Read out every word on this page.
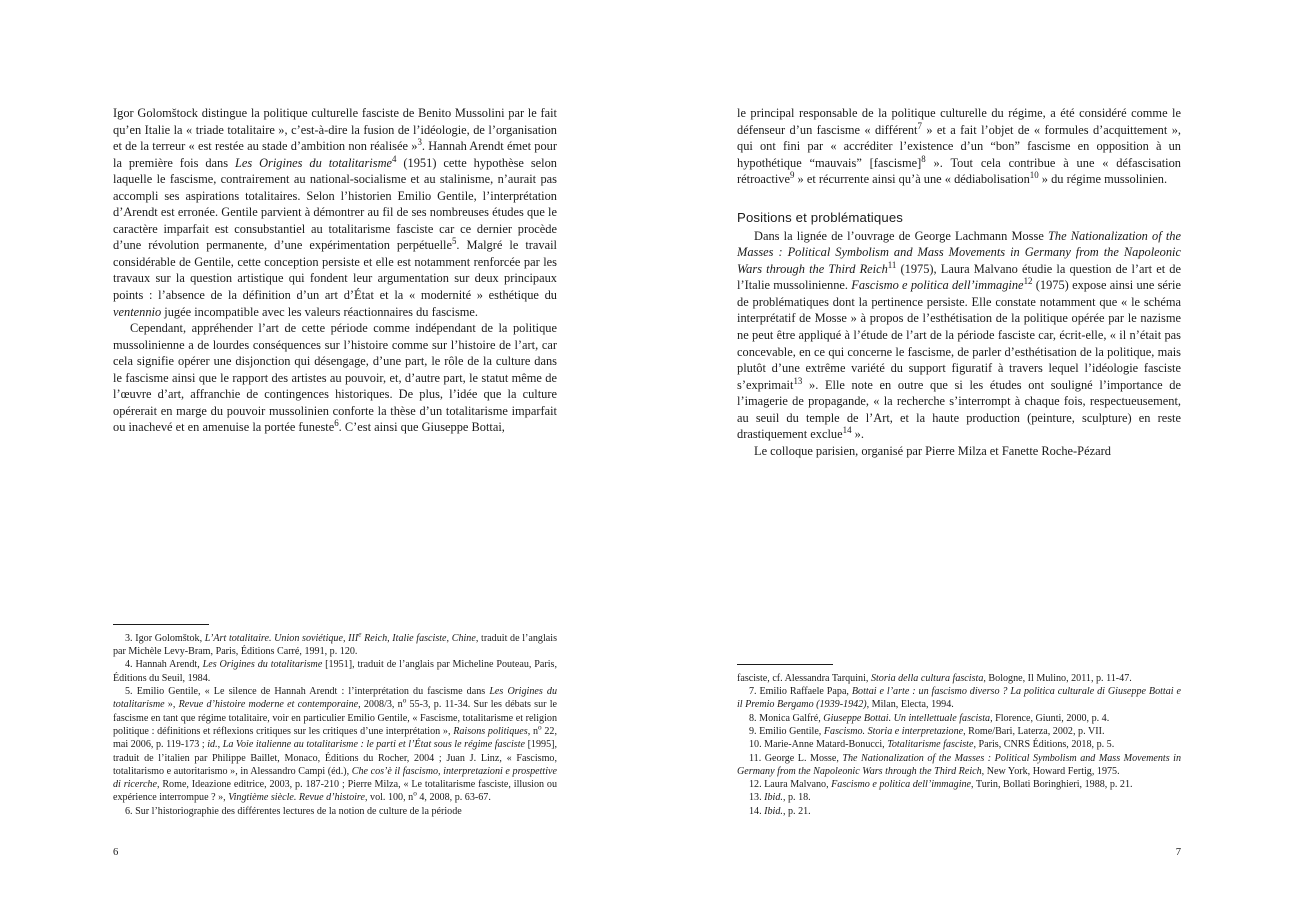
Igor Golomštock distingue la politique culturelle fasciste de Benito Mussolini par le fait qu’en Italie la « triade totalitaire », c’est-à-dire la fusion de l’idéologie, de l’organisation et de la terreur « est restée au stade d’ambition non réalisée »$^3$. Hannah Arendt émet pour la première fois dans Les Origines du totalitarisme$^4$ (1951) cette hypothèse selon laquelle le fascisme, contrairement au national-socialisme et au stalinisme, n’aurait pas accompli ses aspirations totalitaires. Selon l’historien Emilio Gentile, l’interprétation d’Arendt est erronée. Gentile parvient à démontrer au fil de ses nombreuses études que le caractère imparfait est consubstantiel au totalitarisme fasciste car ce dernier procède d’une révolution permanente, d’une expérimentation perpétuelle$^5$. Malgré le travail considérable de Gentile, cette conception persiste et elle est notamment renforcée par les travaux sur la question artistique qui fondent leur argumentation sur deux principaux points : l’absence de la définition d’un art d’État et la « modernité » esthétique du ventennio jugée incompatible avec les valeurs réactionnaires du fascisme.

Cependant, appréhender l’art de cette période comme indépendant de la politique mussolinienne a de lourdes conséquences sur l’histoire comme sur l’histoire de l’art, car cela signifie opérer une disjonction qui désengage, d’une part, le rôle de la culture dans le fascisme ainsi que le rapport des artistes au pouvoir, et, d’autre part, le statut même de l’œuvre d’art, affranchie de contingences historiques. De plus, l’idée que la culture opérerait en marge du pouvoir mussolinien conforte la thèse d’un totalitarisme imparfait ou inachevé et en amenuise la portée funeste$^6$. C’est ainsi que Giuseppe Bottai,

3. Igor Golomštok, L’Art totalitaire. Union soviétique, IIIe Reich, Italie fasciste, Chine, traduit de l’anglais par Michèle Levy-Bram, Paris, Éditions Carré, 1991, p. 120.

4. Hannah Arendt, Les Origines du totalitarisme [1951], traduit de l’anglais par Micheline Pouteau, Paris, Éditions du Seuil, 1984.

5. Emilio Gentile, « Le silence de Hannah Arendt : l’interprétation du fascisme dans Les Origines du totalitarisme », Revue d’histoire moderne et contemporaine, 2008/3, $n^o$ 55-3, p. 11-34. Sur les débats sur le fascisme en tant que régime totalitaire, voir en particulier Emilio Gentile, « Fascisme, totalitarisme et religion politique : définitions et réflexions critiques sur les critiques d’une interprétation », Raisons politiques, $n^o$ 22, mai 2006, p. 119-173 ; id., La Voie italienne au totalitarisme : le parti et l’État sous le régime fasciste [1995], traduit de l’italien par Philippe Baillet, Monaco, Éditions du Rocher, 2004 ; Juan J. Linz, « Fascismo, totalitarismo e autoritarismo », in Alessandro Campi (éd.), Che cos’è il fascismo, interpretazioni e prospettive di ricerche, Rome, Ideazione editrice, 2003, p. 187-210 ; Pierre Milza, « Le totalitarisme fasciste, illusion ou expérience interrompue ? », Vingtième siècle. Revue d’histoire, vol. 100, $n^o$ 4, 2008, p. 63-67.

6. Sur l’historiographie des différentes lectures de la notion de culture de la période

6

le principal responsable de la politique culturelle du régime, a été considéré comme le défenseur d’un fascisme « différent$^7$ » et a fait l’objet de « formules d’acquittement », qui ont fini par « accréditer l’existence d’un “bon” fascisme en opposition à un hypothétique “mauvais” [fascisme]$^8$ ». Tout cela contribue à une « défascisation rétroactive$^9$ » et récurrente ainsi qu’à une « dédiabolisation$^{10}$ » du régime mussolinien.

Positions et problématiques

Dans la lignée de l’ouvrage de George Lachmann Mosse The Nationalization of the Masses : Political Symbolism and Mass Movements in Germany from the Napoleonic Wars through the Third Reich$^{11}$ (1975), Laura Malvano étudie la question de l’art et de l’Italie mussolinienne. Fascismo e politica dell’immagine$^{12}$ (1975) expose ainsi une série de problématiques dont la pertinence persiste. Elle constate notamment que « le schéma interprétatif de Mosse » à propos de l’esthétisation de la politique opérée par le nazisme ne peut être appliqué à l’étude de l’art de la période fasciste car, écrit-elle, « il n’était pas concevable, en ce qui concerne le fascisme, de parler d’esthétisation de la politique, mais plutôt d’une extrême variété du support figuratif à travers lequel l’idéologie fasciste s’exprimait$^{13}$ ». Elle note en outre que si les études ont souligné l’importance de l’imagerie de propagande, « la recherche s’interrompt à chaque fois, respectueusement, au seuil du temple de l’Art, et la haute production (peinture, sculpture) en reste drastiquement exclue$^{14}$ ».

Le colloque parisien, organisé par Pierre Milza et Fanette Roche-Pézard

fasciste, cf. Alessandra Tarquini, Storia della cultura fascista, Bologne, Il Mulino, 2011, p. 11-47.

7. Emilio Raffaele Papa, Bottai e l’arte : un fascismo diverso ? La politica culturale di Giuseppe Bottai e il Premio Bergamo (1939-1942), Milan, Electa, 1994.

8. Monica Galfré, Giuseppe Bottai. Un intellettuale fascista, Florence, Giunti, 2000, p. 4.

9. Emilio Gentile, Fascismo. Storia e interpretazione, Rome/Bari, Laterza, 2002, p. VII.

10. Marie-Anne Matard-Bonucci, Totalitarisme fasciste, Paris, CNRS Éditions, 2018, p. 5.

11. George L. Mosse, The Nationalization of the Masses : Political Symbolism and Mass Movements in Germany from the Napoleonic Wars through the Third Reich, New York, Howard Fertig, 1975.

12. Laura Malvano, Fascismo e politica dell’immagine, Turin, Bollati Boringhieri, 1988, p. 21.

13. Ibid., p. 18.

14. Ibid., p. 21.

7
